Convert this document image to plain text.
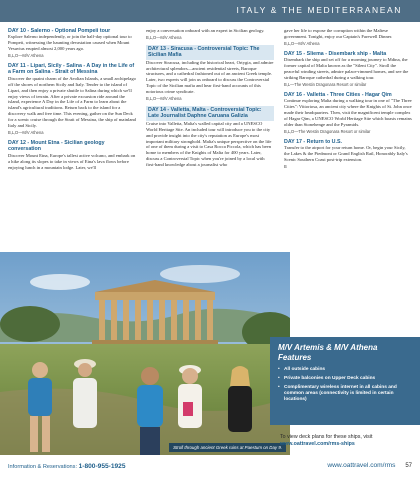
ITALY & THE MEDITERRANEAN
DAY 10 - Salerno - Optional Pompeii tour
Explore Salerno independently, or join the half-day optional tour to Pompeii, witnessing the haunting devastation caused when Mount Vesuvius erupted almost 2,000 years ago.
B,L,D—M/V Athena
DAY 11 - Lipari, Sicily - Salina - A Day in the Life of a Farm on Salina - Strait of Messina
Discover the quaint charm of the Aeolian Islands, a small archipelago off the shores of northern Sicily and Italy. Tender to the island of Lipari, and then enjoy a private shuttle to Salina during which we'll enjoy views of terrain. After a private excursion ride around the island, experience A Day in the Life of a Farm to learn about the island's agricultural traditions. Return back to the island for a discovery walk and free time. This evening, gather on the Sun Deck for a scenic cruise through the Strait of Messina, the ship of mainland Italy and Sicily.
B,L,D—M/V Athena
DAY 12 - Mount Etna - Sicilian geology conversation
Discover Mount Etna, Europe's tallest active volcano, and embark on a hike along its slopes to take in views of Etna's lava flows before enjoying lunch in a mountain lodge. Later, we'll
enjoy a conversation onboard with an expert in Sicilian geology.
B,L,D—M/V Athena
DAY 13 - Siracusa - Controversial Topic: The Sicilian Mafia
Discover Siracusa, including the historical heart, Ortygia, and admire architectural splendors—ancient residential streets, Baroque structures, and a cathedral fashioned out of an ancient Greek temple. Later, two experts will join us onboard to discuss the Controversial Topic of the Sicilian mafia and hear first-hand accounts of this notorious crime syndicate.
B,L,D—M/V Athena
DAY 14 - Valletta, Malta - Controversial Topic: Late Journalist Daphne Caruana Galizia
Cruise into Valletta, Malta's walled capital city and a UNESCO World Heritage Site. An included tour will introduce you to the city and provide insight into the city's reputation as Europe's most important military stronghold. Malta's unique perspective on the life of one of them during a visit to Casa Rocca Piccola, which has been home to members of the Knights of Malta for 400 years. Later, discuss a Controversial Topic when you're joined by a local with first-hand knowledge about a journalist who
gave her life to expose the corruption within the Maltese government. Tonight, enjoy our Captain's Farewell Dinner.
B,L,D—M/V Athena
DAY 15 - Sliema - Disembark ship - Malta
Disembark the ship and set off for a morning journey to Mdina, the former capital of Malta known as the "Silent City". Stroll the peaceful winding streets, admire palace-rimmed homes, and see the striking Baroque cathedral during a walking tour.
B,L—The Westin Dragonara Resort or similar
DAY 16 - Valletta - Three Cities - Hagar Qim
Continue exploring Malta during a walking tour in one of "The Three Cities": Vittoriosa, an ancient city where the Knights of St. John once made their headquarters. Then, visit the magnificent temple complex of Hagar Qim, a UNESCO World Heritage Site which boasts remains older than Stonehenge and the Pyramids.
B,L,D—The Westin Dragonara Resort or similar
DAY 17 - Return to U.S.
Transfer to the airport for your return home. Or, begin your Sicily, the Lakes & the Piedmont or Grand English Rail, Honorably Italy's Scenic Southern Coast post-trip extension.
B
Stroll through ancient Greek ruins at Paestum on Day 9.
M/V Artemis & M/V Athena Features
• All outside cabins
• Private balconies on Upper Deck cabins
• Complimentary wireless internet in all cabins and common areas (connectivity is limited in certain locations)
To view deck plans for these ships, visit
www.oattravel.com/rms-ships
Information & Reservations: 1-800-955-1925	www.oattravel.com/rms 57
